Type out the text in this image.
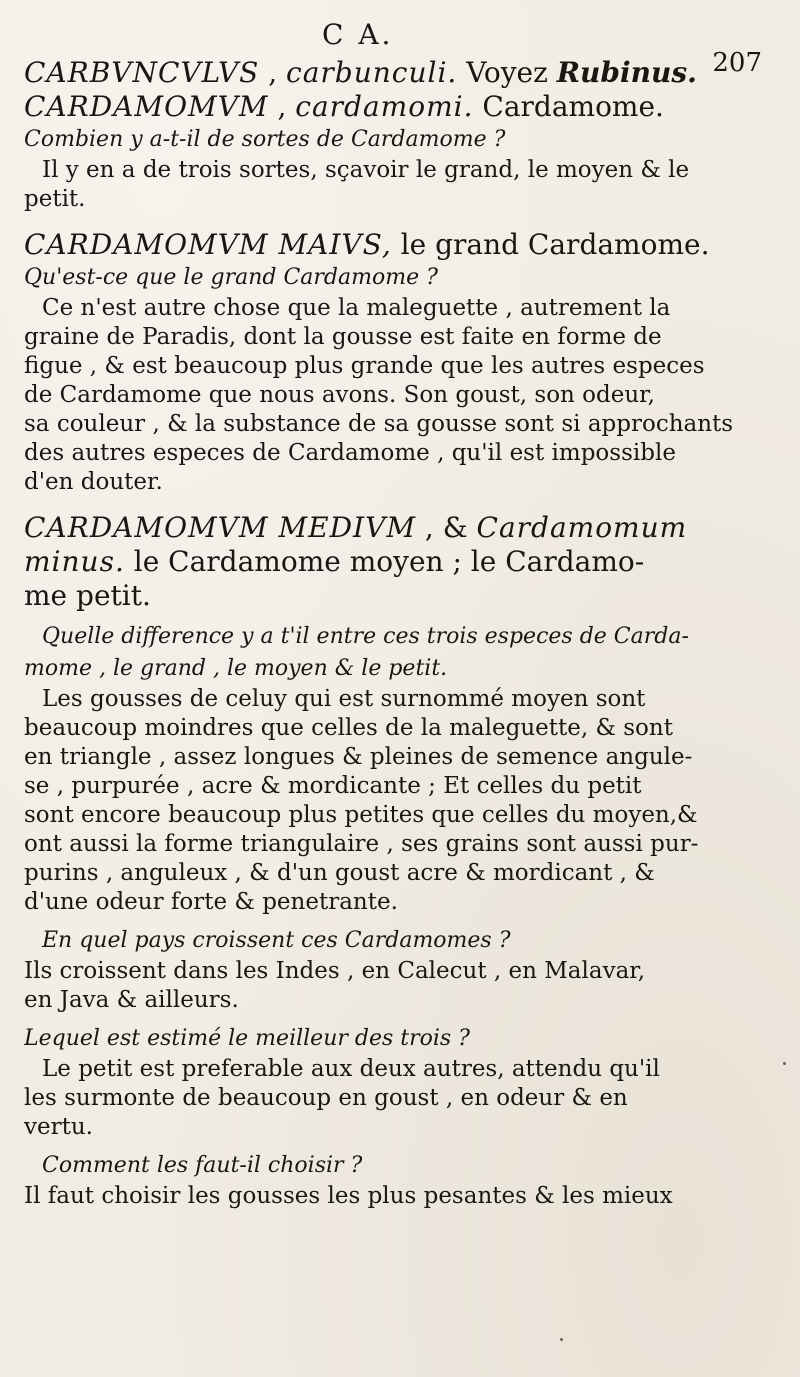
C A.
207
CARBVNCVLVS , carbunculi. Voyez Rubinus.
CARDAMOMVM , cardamomi. Cardamome.
Combien y a-t-il de sortes de Cardamome ?
Il y en a de trois sortes, sçavoir le grand, le moyen & le
petit.
CARDAMOMVM MAIVS, le grand Cardamome.
Qu'est-ce que le grand Cardamome ?
Ce n'est autre chose que la maleguette , autrement la
graine de Paradis, dont la gousse est faite en forme de
figue , & est beaucoup plus grande que les autres especes
de Cardamome que nous avons. Son goust, son odeur,
sa couleur , & la substance de sa gousse sont si approchants
des autres especes de Cardamome , qu'il est impossible
d'en douter.
CARDAMOMVM MEDIVM , & Cardamomum
minus. le Cardamome moyen ; le Cardamo-
me petit.
Quelle difference y a t'il entre ces trois especes de Carda-
mome , le grand , le moyen & le petit.
Les gousses de celuy qui est surnommé moyen sont
beaucoup moindres que celles de la maleguette, & sont
en triangle , assez longues & pleines de semence angule-
se , purpurée , acre & mordicante ; Et celles du petit
sont encore beaucoup plus petites que celles du moyen,&
ont aussi la forme triangulaire , ses grains sont aussi pur-
purins , anguleux , & d'un goust acre & mordicant , &
d'une odeur forte & penetrante.
En quel pays croissent ces Cardamomes ?
Ils croissent dans les Indes , en Calecut , en Malavar,
en Java & ailleurs.
Lequel est estimé le meilleur des trois ?
Le petit est preferable aux deux autres, attendu qu'il
les surmonte de beaucoup en goust , en odeur & en
vertu.
Comment les faut-il choisir ?
Il faut choisir les gousses les plus pesantes & les mieux
